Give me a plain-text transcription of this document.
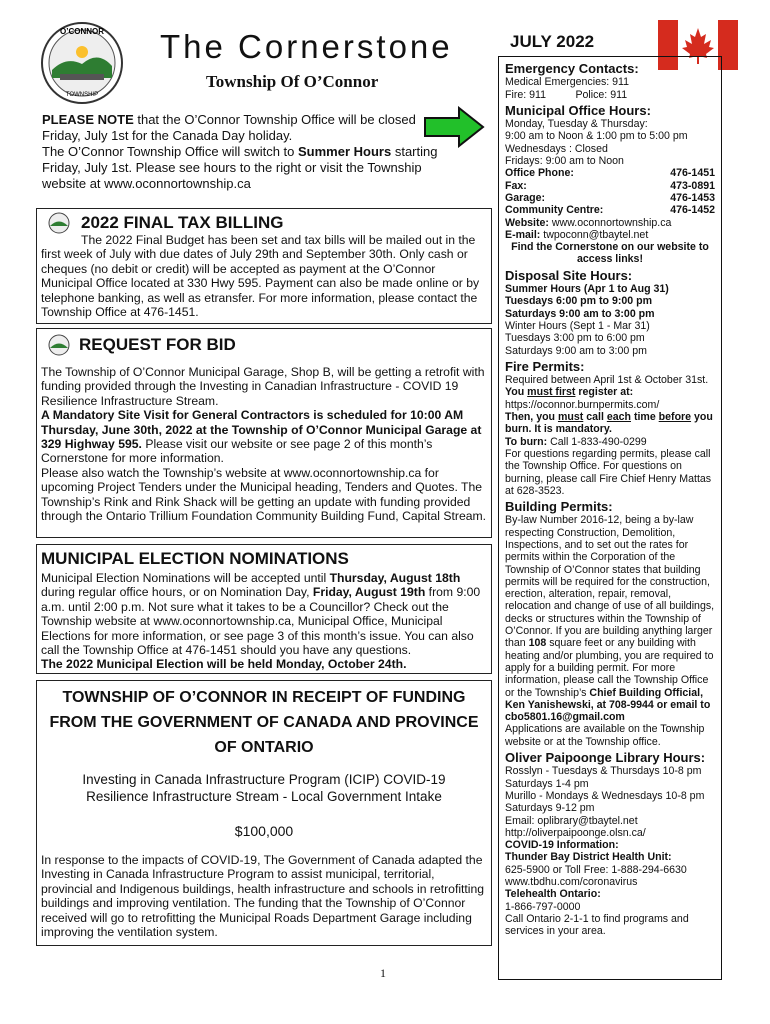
O’CONNOR
TOWNSHIP
The Cornerstone
Township Of O’Connor
JULY 2022
PLEASE NOTE that the O’Connor Township Office will be closed Friday, July 1st for the Canada Day holiday.
The O’Connor Township Office will switch to Summer Hours starting Friday, July 1st. Please see hours to the right or visit the Township website at www.oconnortownship.ca
2022 FINAL TAX BILLING
The 2022 Final Budget has been set and tax bills will be mailed out in the first week of July with due dates of July 29th and September 30th. Only cash or cheques (no debit or credit) will be accepted as payment at the O’Connor Municipal Office located at 330 Hwy 595. Payment can also be made online or by telephone banking, as well as etransfer. For more information, please contact the Township Office at 476-1451.
REQUEST FOR BID
The Township of O’Connor Municipal Garage, Shop B, will be getting a retrofit with funding provided through the Investing in Canadian Infrastructure - COVID 19 Resilience Infrastructure Stream.
A Mandatory Site Visit for General Contractors is scheduled for 10:00 AM Thursday, June 30th, 2022 at the Township of O’Connor Municipal Garage at 329 Highway 595. Please visit our website or see page 2 of this month’s Cornerstone for more information.
Please also watch the Township’s website at www.oconnortownship.ca for upcoming Project Tenders under the Municipal heading, Tenders and Quotes. The Township’s Rink and Rink Shack will be getting an update with funding provided through the Ontario Trillium Foundation Community Building Fund, Capital Stream.
MUNICIPAL ELECTION NOMINATIONS
Municipal Election Nominations will be accepted until Thursday, August 18th during regular office hours, or on Nomination Day, Friday, August 19th from 9:00 a.m. until 2:00 p.m. Not sure what it takes to be a Councillor? Check out the Township website at www.oconnortownship.ca, Municipal Office, Municipal Elections for more information, or see page 3 of this month’s issue. You can also call the Township Office at 476-1451 should you have any questions.
The 2022 Municipal Election will be held Monday, October 24th.
TOWNSHIP OF O’CONNOR IN RECEIPT OF FUNDING FROM THE GOVERNMENT OF CANADA AND PROVINCE OF ONTARIO
Investing in Canada Infrastructure Program (ICIP) COVID-19 Resilience Infrastructure Stream - Local Government Intake
$100,000
In response to the impacts of COVID-19, The Government of Canada adapted the Investing in Canada Infrastructure Program to assist municipal, territorial, provincial and Indigenous buildings, health infrastructure and schools in retrofitting buildings and improving ventilation. The funding that the Township of O’Connor received will go to retrofitting the Municipal Roads Department Garage including improving the ventilation system.
1
Emergency Contacts:
Medical Emergencies: 911
Fire: 911          Police: 911
Municipal Office Hours:
Monday, Tuesday & Thursday:
9:00 am to Noon & 1:00 pm to 5:00 pm
Wednesdays : Closed
Fridays: 9:00 am to Noon
Office Phone:	476-1451
Fax:	473-0891
Garage:	476-1453
Community Centre:	476-1452
Website: www.oconnortownship.ca
E-mail: twpoconn@tbaytel.net
Find the Cornerstone on our website to access links!
Disposal Site Hours:
Summer Hours (Apr 1 to Aug 31)
Tuesdays 6:00 pm to 9:00 pm
Saturdays 9:00 am to 3:00 pm
Winter Hours (Sept 1 - Mar 31)
Tuesdays 3:00 pm to 6:00 pm
Saturdays 9:00 am to 3:00 pm
Fire Permits:
Required between April 1st & October 31st.
You must first register at:
https://oconnor.burnpermits.com/
Then, you must call each time before you burn. It is mandatory.
To burn: Call 1-833-490-0299
For questions regarding permits, please call the Township Office. For questions on burning, please call Fire Chief Henry Mattas at 628-3523.
Building Permits:
By-law Number 2016-12, being a by-law respecting Construction, Demolition, Inspections, and to set out the rates for permits within the Corporation of the Township of O’Connor states that building permits will be required for the construction, erection, alteration, repair, removal, relocation and change of use of all buildings, decks or structures within the Township of O’Connor. If you are building anything larger than 108 square feet or any building with heating and/or plumbing, you are required to apply for a building permit. For more information, please call the Township Office or the Township’s Chief Building Official, Ken Yanishewski, at 708-9944 or email to cbo5801.16@gmail.com
Applications are available on the Township website or at the Township office.
Oliver Paipoonge Library Hours:
Rosslyn - Tuesdays & Thursdays 10-8 pm
Saturdays 1-4 pm
Murillo - Mondays & Wednesdays 10-8 pm
Saturdays 9-12 pm
Email: oplibrary@tbaytel.net
http://oliverpaipoonge.olsn.ca/
COVID-19 Information:
Thunder Bay District Health Unit:
625-5900 or Toll Free: 1-888-294-6630
www.tbdhu.com/coronavirus
Telehealth Ontario:
1-866-797-0000
Call Ontario 2-1-1 to find programs and services in your area.
